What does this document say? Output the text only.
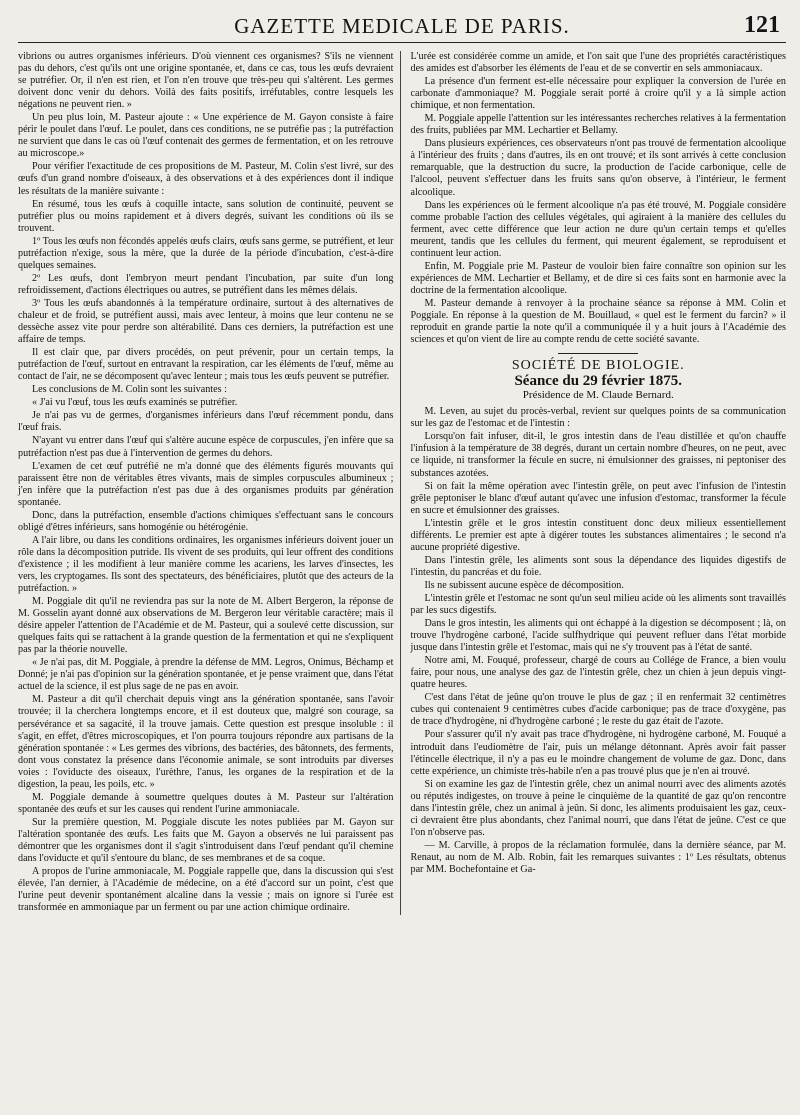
GAZETTE MEDICALE DE PARIS.	121

vibrions ou autres organismes inférieurs. D'où viennent ces organismes? S'ils ne viennent pas du dehors, c'est qu'ils ont une origine spontanée, et, dans ce cas, tous les œufs devraient se putréfier. Or, il n'en est rien, et l'on n'en trouve que très-peu qui s'altèrent. Les germes doivent donc venir du dehors. Voilà des faits positifs, irréfutables, contre lesquels les négations ne peuvent rien. »

Un peu plus loin, M. Pasteur ajoute : « Une expérience de M. Gayon consiste à faire périr le poulet dans l'œuf. Le poulet, dans ces conditions, ne se putréfie pas ; la putréfaction ne survient que dans le cas où l'œuf contenait des germes de fermentation, et on les retrouve au microscope.»

Pour vérifier l'exactitude de ces propositions de M. Pasteur, M. Colin s'est livré, sur des œufs d'un grand nombre d'oiseaux, à des observations et à des expériences dont il indique les résultats de la manière suivante :

En résumé, tous les œufs à coquille intacte, sans solution de continuité, peuvent se putréfier plus ou moins rapidement et à divers degrés, suivant les conditions où ils se trouvent.

1º Tous les œufs non fécondés appelés œufs clairs, œufs sans germe, se putréfient, et leur putréfaction n'exige, sous la mère, que la durée de la période d'incubation, c'est-à-dire quelques semaines.

2º Les œufs, dont l'embryon meurt pendant l'incubation, par suite d'un long refroidissement, d'actions électriques ou autres, se putréfient dans les mêmes délais.

3º Tous les œufs abandonnés à la température ordinaire, surtout à des alternatives de chaleur et de froid, se putréfient aussi, mais avec lenteur, à moins que leur contenu ne se dessèche assez vite pour perdre son altérabilité. Dans ces derniers, la putréfaction est une affaire de temps.

Il est clair que, par divers procédés, on peut prévenir, pour un certain temps, la putréfaction de l'œuf, surtout en entravant la respiration, car les éléments de l'œuf, même au contact de l'air, ne se décomposent qu'avec lenteur ; mais tous les œufs peuvent se putréfier.

Les conclusions de M. Colin sont les suivantes :

« J'ai vu l'œuf, tous les œufs examinés se putréfier.

Je n'ai pas vu de germes, d'organismes inférieurs dans l'œuf récemment pondu, dans l'œuf frais.

N'ayant vu entrer dans l'œuf qui s'altère aucune espèce de corpuscules, j'en infère que sa putréfaction n'est pas due à l'intervention de germes du dehors.

L'examen de cet œuf putréfié ne m'a donné que des éléments figurés mouvants qui paraissent être non de véritables êtres vivants, mais de simples corpuscules albumineux ; j'en infère que la putréfaction n'est pas due à des organismes produits par génération spontanée.

Donc, dans la putréfaction, ensemble d'actions chimiques s'effectuant sans le concours obligé d'êtres inférieurs, sans homogénie ou hétérogénie.

A l'air libre, ou dans les conditions ordinaires, les organismes inférieurs doivent jouer un rôle dans la décomposition putride. Ils vivent de ses produits, qui leur offrent des conditions d'existence ; il les modifient à leur manière comme les acariens, les larves d'insectes, les vers, les cryptogames. Ils sont des spectateurs, des bénéficiaires, plutôt que des acteurs de la putréfaction. »

M. Poggiale dit qu'il ne reviendra pas sur la note de M. Albert Bergeron, la réponse de M. Gosselin ayant donné aux observations de M. Bergeron leur véritable caractère; mais il désire appeler l'attention de l'Académie et de M. Pasteur, qui a soulevé cette discussion, sur quelques faits qui se rattachent à la grande question de la fermentation et qui ne s'expliquent pas par la théorie nouvelle.

« Je n'ai pas, dit M. Poggiale, à prendre la défense de MM. Legros, Onimus, Béchamp et Donné; je n'ai pas d'opinion sur la génération spontanée, et je pense vraiment que, dans l'état actuel de la science, il est plus sage de ne pas en avoir.

M. Pasteur a dit qu'il cherchait depuis vingt ans la génération spontanée, sans l'avoir trouvée; il la cherchera longtemps encore, et il est douteux que, malgré son courage, sa persévérance et sa sagacité, il la trouve jamais. Cette question est presque insoluble : il s'agit, en effet, d'êtres microscopiques, et l'on pourra toujours répondre aux partisans de la génération spontanée : « Les germes des vibrions, des bactéries, des bâtonnets, des ferments, dont vous constatez la présence dans l'économie animale, se sont introduits par diverses voies : l'oviducte des oiseaux, l'urèthre, l'anus, les organes de la respiration et de la digestion, la peau, les poils, etc. »

M. Poggiale demande à soumettre quelques doutes à M. Pasteur sur l'altération spontanée des œufs et sur les causes qui rendent l'urine ammoniacale.

Sur la première question, M. Poggiale discute les notes publiées par M. Gayon sur l'altération spontanée des œufs. Les faits que M. Gayon a observés ne lui paraissent pas démontrer que les organismes dont il s'agit s'introduisent dans l'œuf pendant qu'il chemine dans l'oviducte et qu'il s'entoure du blanc, de ses membranes et de sa coque.

A propos de l'urine ammoniacale, M. Poggiale rappelle que, dans la discussion qui s'est élevée, l'an dernier, à l'Académie de médecine, on a été d'accord sur un point, c'est que l'urine peut devenir spontanément alcaline dans la vessie ; mais on ignore si l'urée est transformée en ammoniaque par un ferment ou par une action chimique ordinaire.

L'urée est considérée comme un amide, et l'on sait que l'une des propriétés caractéristiques des amides est d'absorber les éléments de l'eau et de se convertir en sels ammoniacaux.

La présence d'un ferment est-elle nécessaire pour expliquer la conversion de l'urée en carbonate d'ammoniaque? M. Poggiale serait porté à croire qu'il y a là simple action chimique, et non fermentation.

M. Poggiale appelle l'attention sur les intéressantes recherches relatives à la fermentation des fruits, publiées par MM. Lechartier et Bellamy.

Dans plusieurs expériences, ces observateurs n'ont pas trouvé de fermentation alcoolique à l'intérieur des fruits ; dans d'autres, ils en ont trouvé; et ils sont arrivés à cette conclusion remarquable, que la destruction du sucre, la production de l'acide carbonique, celle de l'alcool, peuvent s'effectuer dans les fruits sans qu'on observe, à l'intérieur, le ferment alcoolique.

Dans les expériences où le ferment alcoolique n'a pas été trouvé, M. Poggiale considère comme probable l'action des cellules végétales, qui agiraient à la manière des cellules du ferment, avec cette différence que leur action ne dure qu'un certain temps et qu'elles meurent, tandis que les cellules du ferment, qui meurent également, se reproduisent et continuent leur action.

Enfin, M. Poggiale prie M. Pasteur de vouloir bien faire connaître son opinion sur les expériences de MM. Lechartier et Bellamy, et de dire si ces faits sont en harmonie avec la doctrine de la fermentation alcoolique.

M. Pasteur demande à renvoyer à la prochaine séance sa réponse à MM. Colin et Poggiale. En réponse à la question de M. Bouillaud, « quel est le ferment du farcin? » il reproduit en grande partie la note qu'il a communiquée il y a huit jours à l'Académie des sciences et qu'on vient de lire au compte rendu de cette société savante.

SOCIÉTÉ DE BIOLOGIE.
Séance du 29 février 1875.
Présidence de M. Claude Bernard.

M. Leven, au sujet du procès-verbal, revient sur quelques points de sa communication sur les gaz de l'estomac et de l'intestin :

Lorsqu'on fait infuser, dit-il, le gros intestin dans de l'eau distillée et qu'on chauffe l'infusion à la température de 38 degrés, durant un certain nombre d'heures, on ne peut, avec ce liquide, ni transformer la fécule en sucre, ni émulsionner des graisses, ni peptoniser des substances azotées.

Si on fait la même opération avec l'intestin grêle, on peut avec l'infusion de l'intestin grêle peptoniser le blanc d'œuf autant qu'avec une infusion d'estomac, transformer la fécule en sucre et émulsionner des graisses.

L'intestin grêle et le gros intestin constituent donc deux milieux essentiellement différents. Le premier est apte à digérer toutes les substances alimentaires ; le second n'a aucune propriété digestive.

Dans l'intestin grêle, les aliments sont sous la dépendance des liquides digestifs de l'intestin, du pancréas et du foie.

Ils ne subissent aucune espèce de décomposition.

L'intestin grêle et l'estomac ne sont qu'un seul milieu acide où les aliments sont travaillés par les sucs digestifs.

Dans le gros intestin, les aliments qui ont échappé à la digestion se décomposent ; là, on trouve l'hydrogène carboné, l'acide sulfhydrique qui peuvent refluer dans l'état morbide jusque dans l'intestin grêle et l'estomac, mais qui ne s'y trouvent pas à l'état de santé.

Notre ami, M. Fouqué, professeur, chargé de cours au Collége de France, a bien voulu faire, pour nous, une analyse des gaz de l'intestin grêle, chez un chien à jeun depuis vingt-quatre heures.

C'est dans l'état de jeûne qu'on trouve le plus de gaz ; il en renfermait 32 centimètres cubes qui contenaient 9 centimètres cubes d'acide carbonique; pas de trace d'oxygène, pas de trace d'hydrogène, ni d'hydrogène carboné ; le reste du gaz était de l'azote.

Pour s'assurer qu'il n'y avait pas trace d'hydrogène, ni hydrogène carboné, M. Fouqué a introduit dans l'eudiomètre de l'air, puis un mélange détonnant. Après avoir fait passer l'étincelle électrique, il n'y a pas eu le moindre changement de volume de gaz. Donc, dans cette expérience, un chimiste très-habile n'en a pas trouvé plus que je n'en ai trouvé.

Si on examine les gaz de l'intestin grêle, chez un animal nourri avec des aliments azotés ou réputés indigestes, on trouve à peine le cinquième de la quantité de gaz qu'on rencontre dans l'intestin grêle, chez un animal à jeûn. Si donc, les aliments produisaient les gaz, ceux-ci devraient être plus abondants, chez l'animal nourri, que dans l'état de jeûne. C'est ce que l'on n'observe pas.

— M. Carville, à propos de la réclamation formulée, dans la dernière séance, par M. Renaut, au nom de M. Alb. Robin, fait les remarques suivantes : 1º Les résultats, obtenus par MM. Bochefontaine et Ga-
